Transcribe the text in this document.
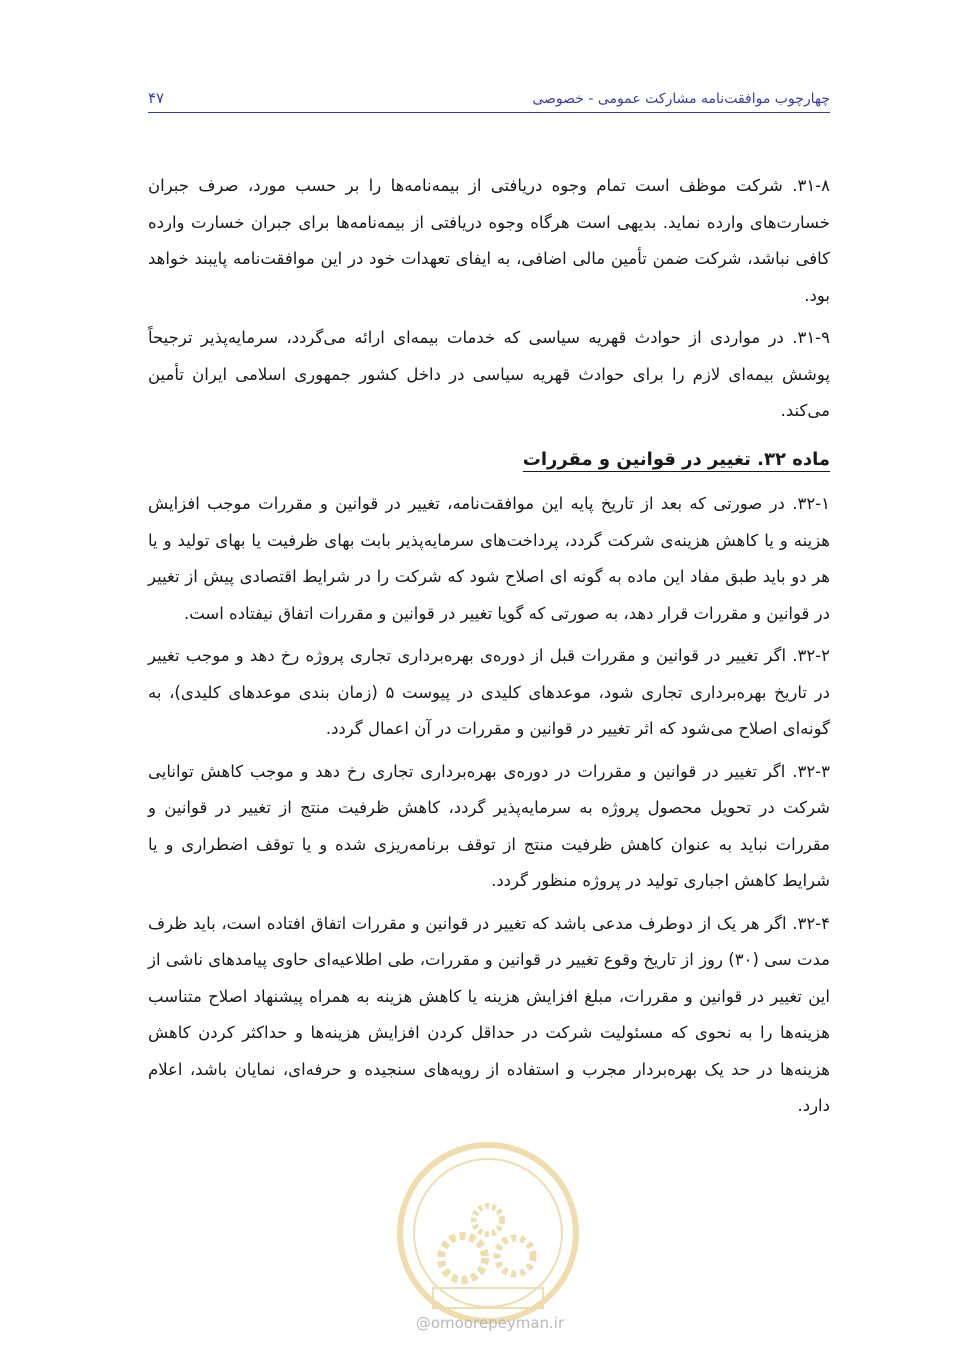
۴۷	چهارچوب موافقت‌نامه مشارکت عمومی - خصوصی

۳۱-۸. شرکت موظف است تمام وجوه دریافتی از بیمه‌نامه‌ها را بر حسب مورد، صرف جبران خسارت‌های وارده نماید. بدیهی است هرگاه وجوه دریافتی از بیمه‌نامه‌ها برای جبران خسارت وارده کافی نباشد، شرکت ضمن تأمین مالی اضافی، به ایفای تعهدات خود در این موافقت‌نامه پایبند خواهد بود.

۳۱-۹. در مواردی از حوادث قهریه سیاسی که خدمات بیمه‌ای ارائه می‌گردد، سرمایه‌پذیر ترجیحاً پوشش بیمه‌ای لازم را برای حوادث قهریه سیاسی در داخل کشور جمهوری اسلامی ایران تأمین می‌کند.

ماده ۳۲. تغییر در قوانین و مقررات

۳۲-۱. در صورتی که بعد از تاریخ پایه این موافقت‌نامه، تغییر در قوانین و مقررات موجب افزایش هزینه و یا کاهش هزینه‌ی شرکت گردد، پرداخت‌های سرمایه‌پذیر بابت بهای ظرفیت یا بهای تولید و یا هر دو باید طبق مفاد این ماده به گونه ای اصلاح شود که شرکت را در شرایط اقتصادی پیش از تغییر در قوانین و مقررات قرار دهد، به صورتی که گویا تغییر در قوانین و مقررات اتفاق نیفتاده است.

۳۲-۲. اگر تغییر در قوانین و مقررات قبل از دوره‌ی بهره‌برداری تجاری پروژه رخ دهد و موجب تغییر در تاریخ بهره‌برداری تجاری شود، موعدهای کلیدی در پیوست ۵ (زمان بندی موعدهای کلیدی)، به گونه‌ای اصلاح می‌شود که اثر تغییر در قوانین و مقررات در آن اعمال گردد.

۳۲-۳. اگر تغییر در قوانین و مقررات در دوره‌ی بهره‌برداری تجاری رخ دهد و موجب کاهش توانایی شرکت در تحویل محصول پروژه به سرمایه‌پذیر گردد، کاهش ظرفیت منتج از تغییر در قوانین و مقررات نباید به عنوان کاهش ظرفیت منتج از توقف برنامه‌ریزی شده و یا توقف اضطراری و یا شرایط کاهش اجباری تولید در پروژه منظور گردد.

۳۲-۴. اگر هر یک از دوطرف مدعی باشد که تغییر در قوانین و مقررات اتفاق افتاده است، باید ظرف مدت سی (۳۰) روز از تاریخ وقوع تغییر در قوانین و مقررات، طی اطلاعیه‌ای حاوی پیامدهای ناشی از این تغییر در قوانین و مقررات، مبلغ افزایش هزینه یا کاهش هزینه به همراه پیشنهاد اصلاح متناسب هزینه‌ها را به نحوی که مسئولیت شرکت در حداقل کردن افزایش هزینه‌ها و حداکثر کردن کاهش هزینه‌ها در حد یک بهره‌بردار مجرب و استفاده از رویه‌های سنجیده و حرفه‌ای، نمایان باشد، اعلام دارد.

@omoorepeyman.ir
